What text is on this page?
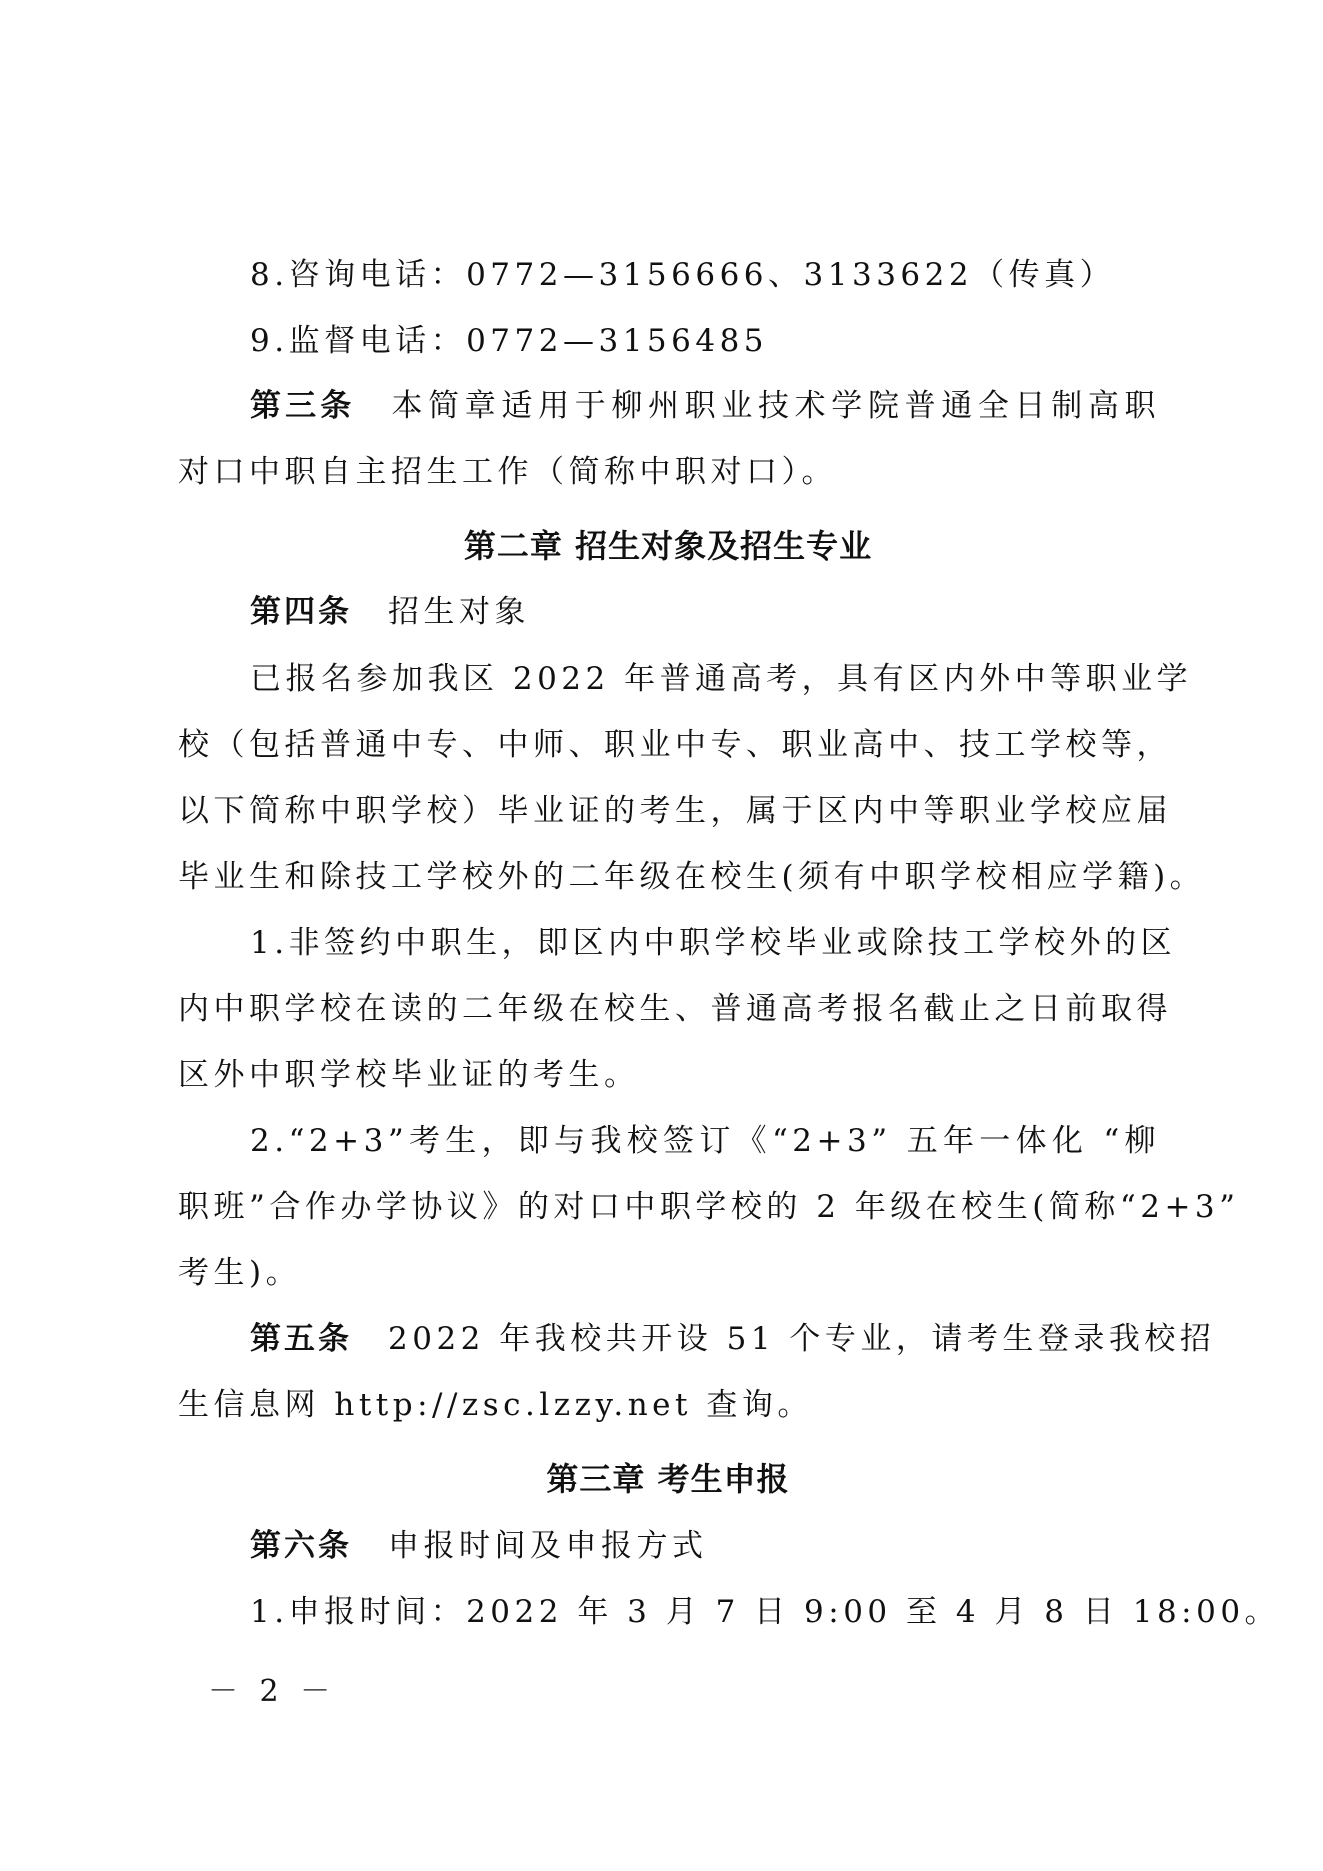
8.咨询电话：0772—3156666、3133622（传真）
9.监督电话：0772—3156485
第三条 本简章适用于柳州职业技术学院普通全日制高职
对口中职自主招生工作（简称中职对口）。
第二章 招生对象及招生专业
第四条 招生对象
已报名参加我区 2022 年普通高考，具有区内外中等职业学
校（包括普通中专、中师、职业中专、职业高中、技工学校等，
以下简称中职学校）毕业证的考生，属于区内中等职业学校应届
毕业生和除技工学校外的二年级在校生(须有中职学校相应学籍)。
1.非签约中职生，即区内中职学校毕业或除技工学校外的区
内中职学校在读的二年级在校生、普通高考报名截止之日前取得
区外中职学校毕业证的考生。
2.“2+3”考生，即与我校签订《“2+3” 五年一体化 “柳
职班”合作办学协议》的对口中职学校的 2 年级在校生(简称“2+3”
考生)。
第五条 2022 年我校共开设 51 个专业，请考生登录我校招
生信息网 http://zsc.lzzy.net 查询。
第三章 考生申报
第六条 申报时间及申报方式
1.申报时间：2022 年 3 月 7 日 9:00 至 4 月 8 日 18:00。
－ 2 －
